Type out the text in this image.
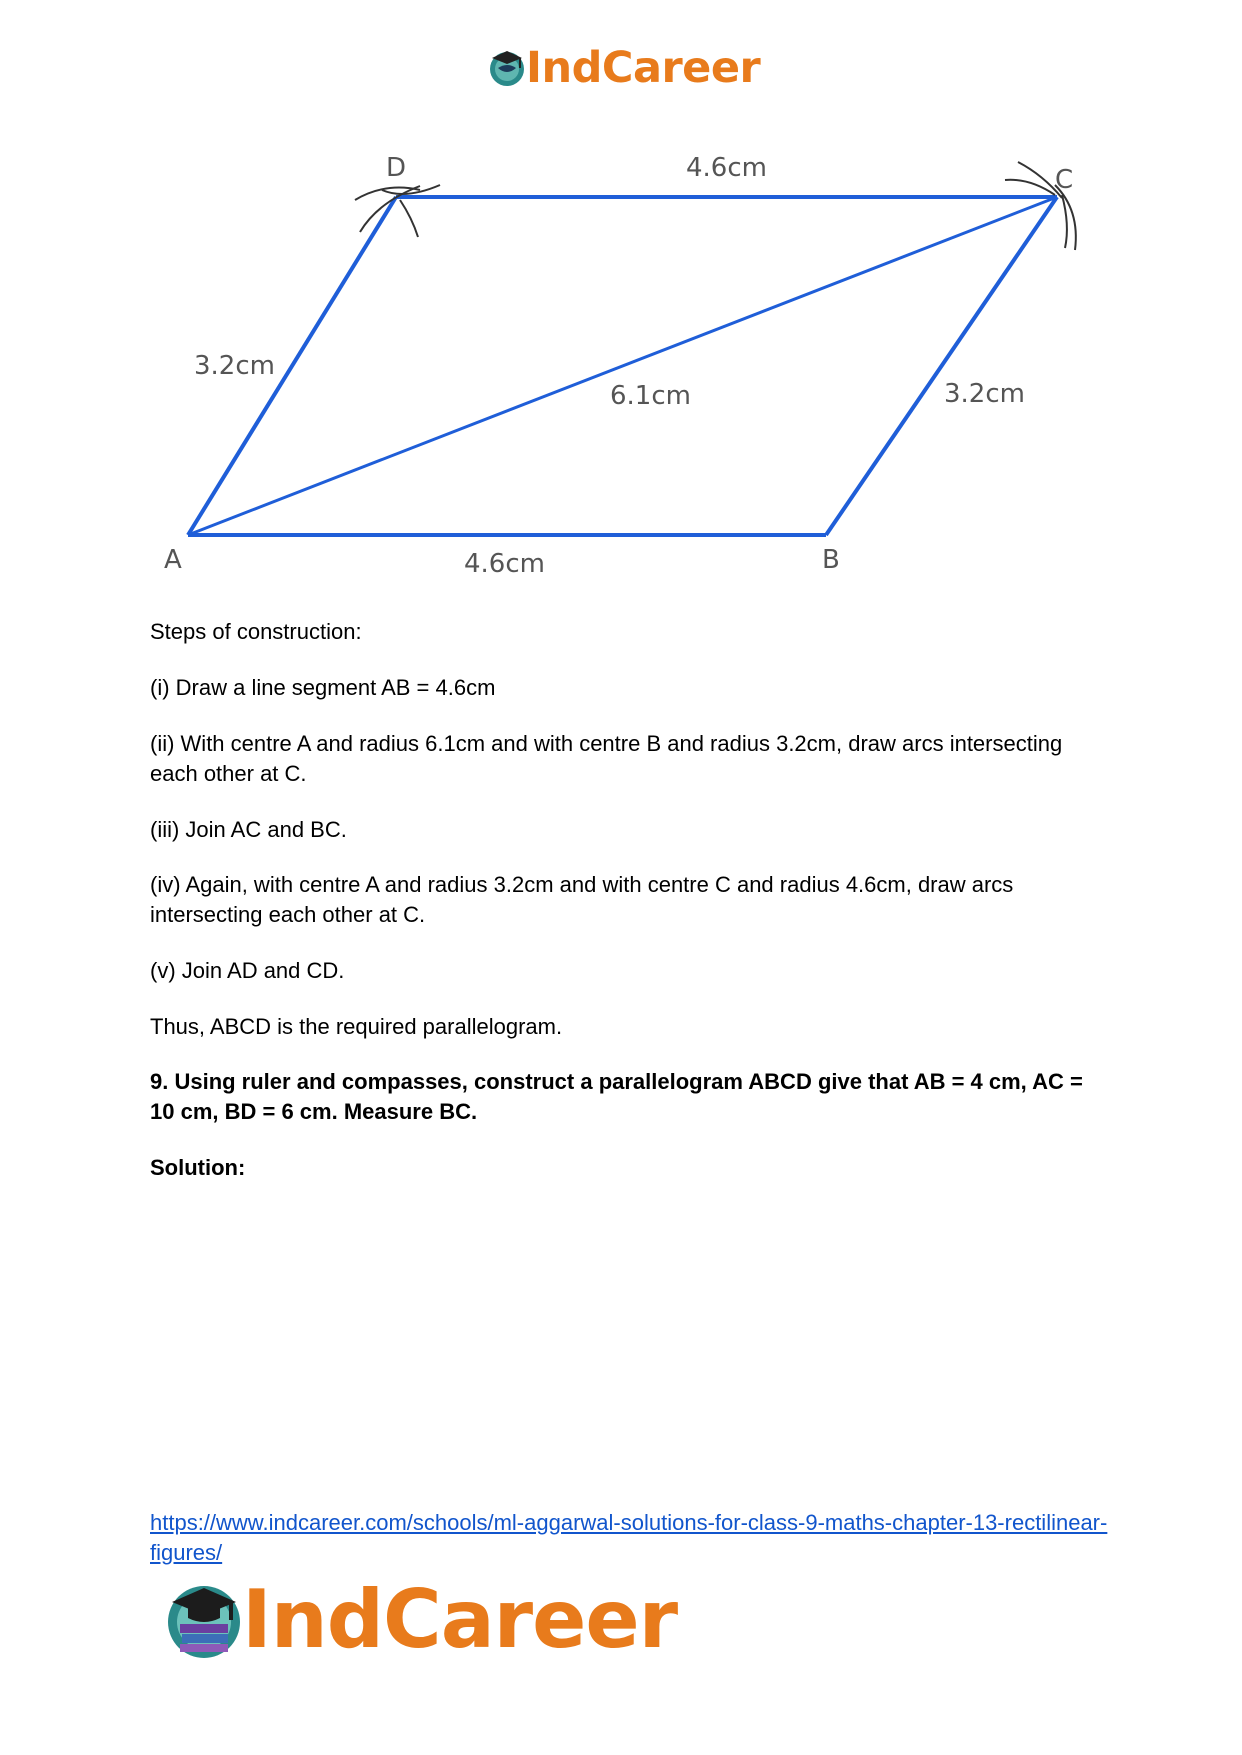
IndCareer
A	B
C
D
4.6cm
4.6cm
3.2cm
3.2cm
6.1cm
Steps of construction:
(i) Draw a line segment AB = 4.6cm
(ii) With centre A and radius 6.1cm and with centre B and radius 3.2cm, draw arcs intersecting each other at C.
(iii) Join AC and BC.
(iv) Again, with centre A and radius 3.2cm and with centre C and radius 4.6cm, draw arcs intersecting each other at C.
(v) Join AD and CD.
Thus, ABCD is the required parallelogram.
9. Using ruler and compasses, construct a parallelogram ABCD give that AB = 4 cm, AC = 10 cm, BD = 6 cm. Measure BC.
Solution:
https://www.indcareer.com/schools/ml-aggarwal-solutions-for-class-9-maths-chapter-13-rectilinear-figures/
IndCareer
